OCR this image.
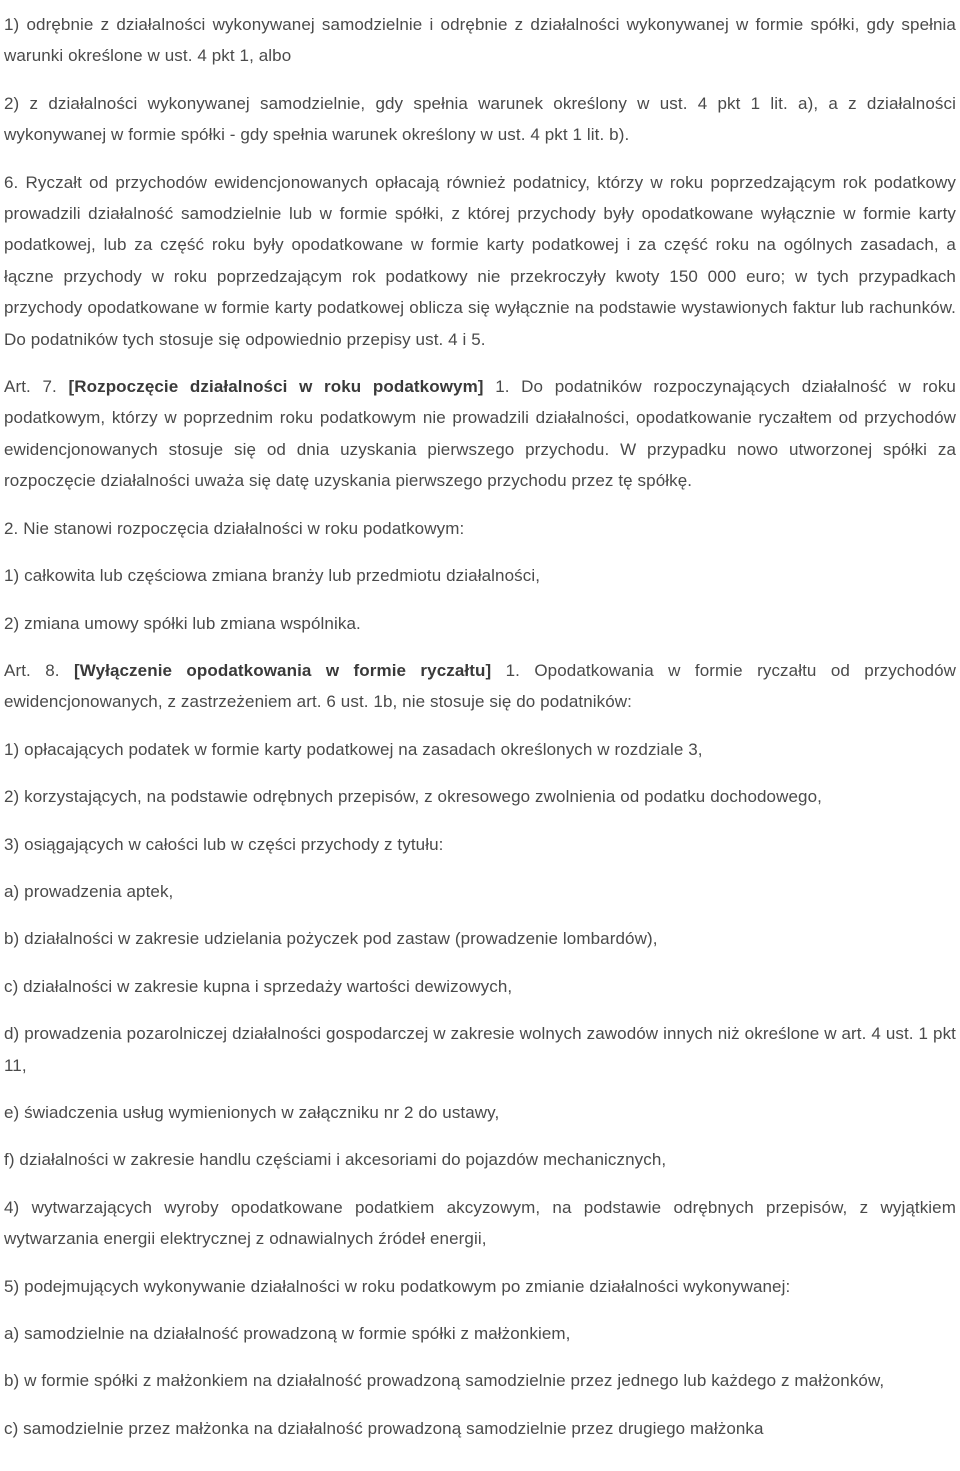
1) odrębnie z działalności wykonywanej samodzielnie i odrębnie z działalności wykonywanej w formie spółki, gdy spełnia warunki określone w ust. 4 pkt 1, albo

2) z działalności wykonywanej samodzielnie, gdy spełnia warunek określony w ust. 4 pkt 1 lit. a), a z działalności wykonywanej w formie spółki - gdy spełnia warunek określony w ust. 4 pkt 1 lit. b).

6. Ryczałt od przychodów ewidencjonowanych opłacają również podatnicy, którzy w roku poprzedzającym rok podatkowy prowadzili działalność samodzielnie lub w formie spółki, z której przychody były opodatkowane wyłącznie w formie karty podatkowej, lub za część roku były opodatkowane w formie karty podatkowej i za część roku na ogólnych zasadach, a łączne przychody w roku poprzedzającym rok podatkowy nie przekroczyły kwoty 150 000 euro; w tych przypadkach przychody opodatkowane w formie karty podatkowej oblicza się wyłącznie na podstawie wystawionych faktur lub rachunków. Do podatników tych stosuje się odpowiednio przepisy ust. 4 i 5.

Art. 7. [Rozpoczęcie działalności w roku podatkowym] 1. Do podatników rozpoczynających działalność w roku podatkowym, którzy w poprzednim roku podatkowym nie prowadzili działalności, opodatkowanie ryczałtem od przychodów ewidencjonowanych stosuje się od dnia uzyskania pierwszego przychodu. W przypadku nowo utworzonej spółki za rozpoczęcie działalności uważa się datę uzyskania pierwszego przychodu przez tę spółkę.

2. Nie stanowi rozpoczęcia działalności w roku podatkowym:

1) całkowita lub częściowa zmiana branży lub przedmiotu działalności,

2) zmiana umowy spółki lub zmiana wspólnika.

Art. 8. [Wyłączenie opodatkowania w formie ryczałtu] 1. Opodatkowania w formie ryczałtu od przychodów ewidencjonowanych, z zastrzeżeniem art. 6 ust. 1b, nie stosuje się do podatników:

1) opłacających podatek w formie karty podatkowej na zasadach określonych w rozdziale 3,

2) korzystających, na podstawie odrębnych przepisów, z okresowego zwolnienia od podatku dochodowego,

3) osiągających w całości lub w części przychody z tytułu:

a) prowadzenia aptek,

b) działalności w zakresie udzielania pożyczek pod zastaw (prowadzenie lombardów),

c) działalności w zakresie kupna i sprzedaży wartości dewizowych,

d) prowadzenia pozarolniczej działalności gospodarczej w zakresie wolnych zawodów innych niż określone w art. 4 ust. 1 pkt 11,

e) świadczenia usług wymienionych w załączniku nr 2 do ustawy,

f) działalności w zakresie handlu częściami i akcesoriami do pojazdów mechanicznych,

4) wytwarzających wyroby opodatkowane podatkiem akcyzowym, na podstawie odrębnych przepisów, z wyjątkiem wytwarzania energii elektrycznej z odnawialnych źródeł energii,

5) podejmujących wykonywanie działalności w roku podatkowym po zmianie działalności wykonywanej:

a) samodzielnie na działalność prowadzoną w formie spółki z małżonkiem,

b) w formie spółki z małżonkiem na działalność prowadzoną samodzielnie przez jednego lub każdego z małżonków,

c) samodzielnie przez małżonka na działalność prowadzoną samodzielnie przez drugiego małżonka
